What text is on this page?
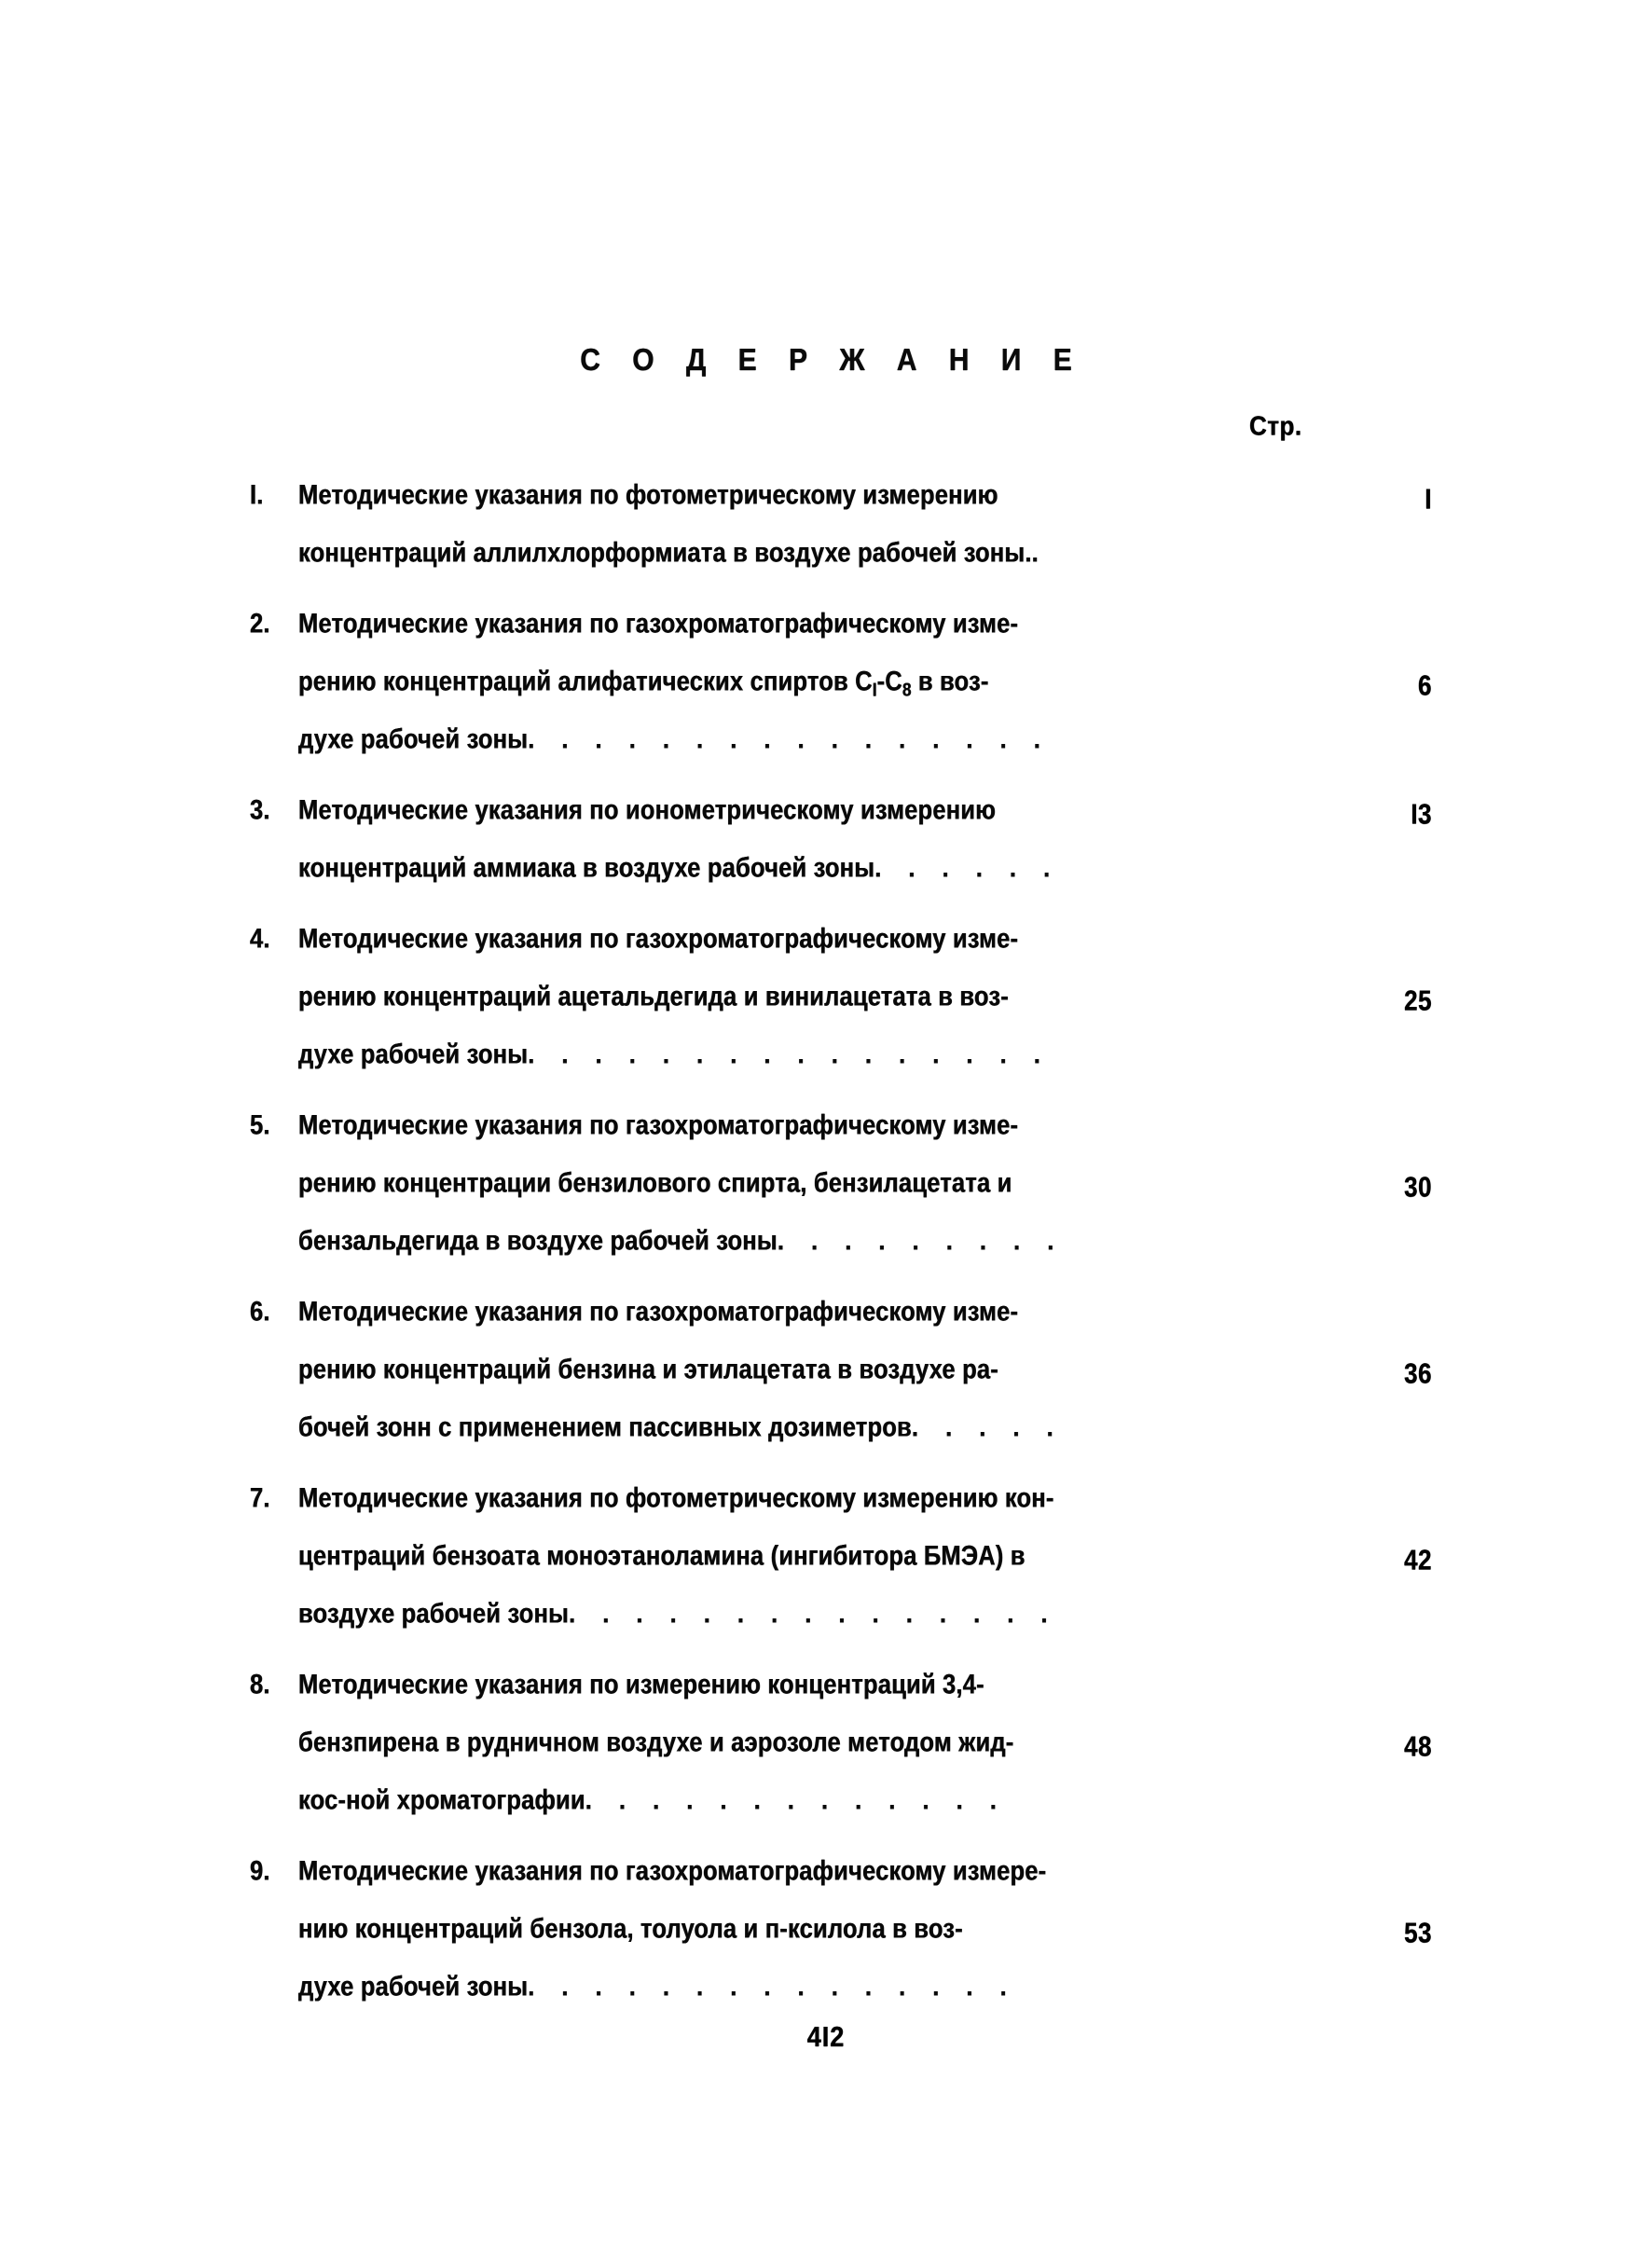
С О Д Е Р Ж А Н И Е
Стр.
I. Методические указания по фотометрическому измерению
концентраций аллилхлорформиата в воздухе рабочей зоны..
I
2. Методические указания по газохроматографическому изме-
рению концентраций алифатических спиртов $C_I-C_8$ в воз-
духе рабочей зоны. . . . . . . . . . . . . . . .
6
3. Методические указания по ионометрическому измерению
концентраций аммиака в воздухе рабочей зоны. . . . . .
I3
4. Методические указания по газохроматографическому изме-
рению концентраций ацетальдегида и винилацетата в воз-
духе рабочей зоны. . . . . . . . . . . . . . . .
25
5. Методические указания по газохроматографическому изме-
рению концентрации бензилового спирта, бензилацетата и
бензальдегида в воздухе рабочей зоны. . . . . . . . .
30
6. Методические указания по газохроматографическому изме-
рению концентраций бензина и этилацетата в воздухе ра-
бочей зонн с применением пассивных дозиметров. . . . .
36
7. Методические указания по фотометрическому измерению кон-
центраций бензоата моноэтаноламина (ингибитора БМЭА) в
воздухе рабочей зоны. . . . . . . . . . . . . . .
42
8. Методические указания по измерению концентраций 3,4-
бензпирена в рудничном воздухе и аэрозоле методом жид-
кос-ной хроматографии. . . . . . . . . . . . .
48
9. Методические указания по газохроматографическому измере-
нию концентраций бензола, толуола и п-ксилола в воз-
духе рабочей зоны. . . . . . . . . . . . . . .
53
4I2
